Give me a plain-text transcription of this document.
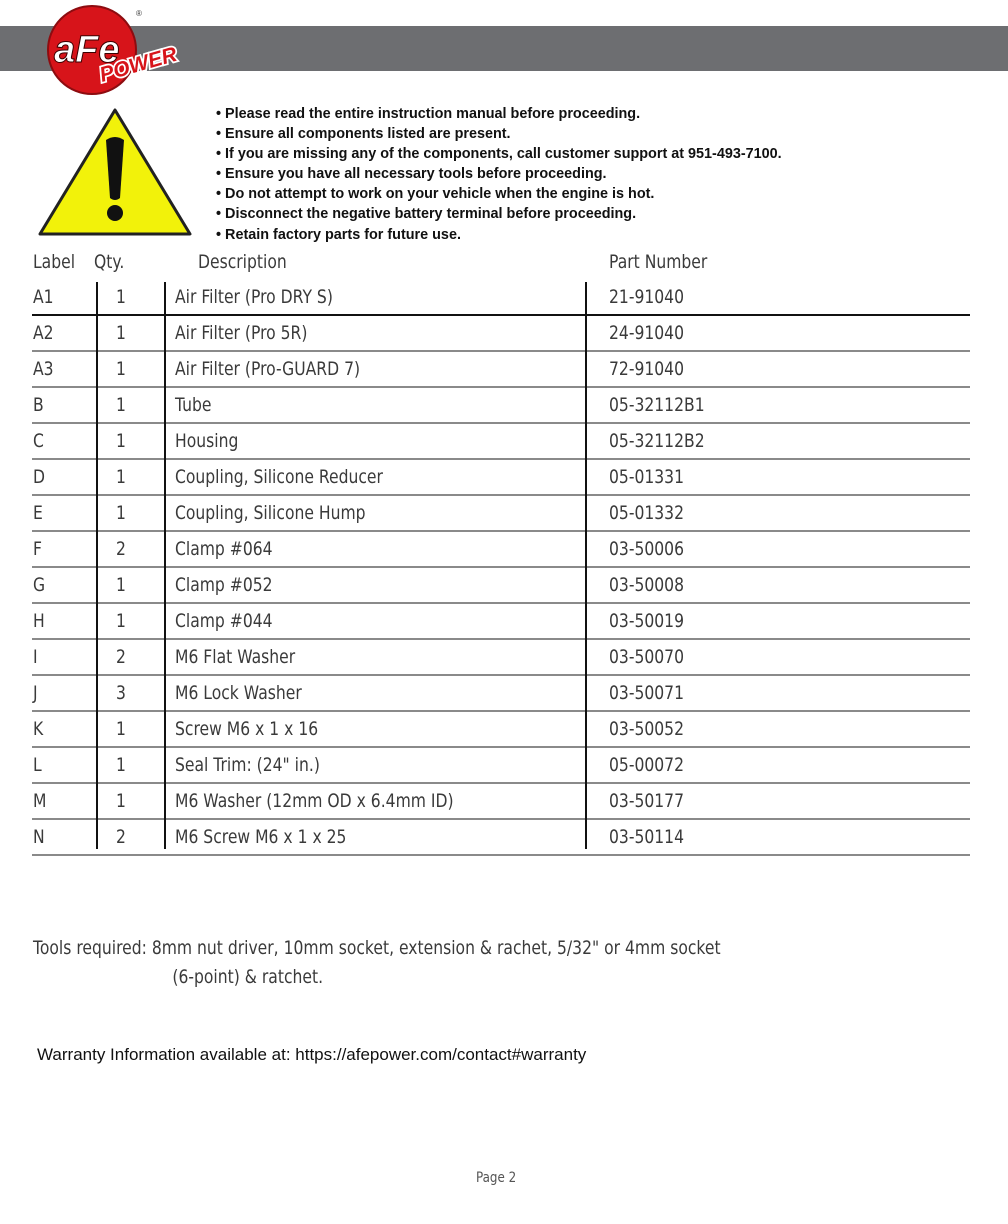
aFe
®
POWER
• Please read the entire instruction manual before proceeding.
• Ensure all components listed are present.
• If you are missing any of the components, call customer support at 951-493-7100.
• Ensure you have all necessary tools before proceeding.
• Do not attempt to work on your vehicle when the engine is hot.
• Disconnect the negative battery terminal before proceeding.
• Retain factory parts for future use.
Label Qty.	Description	Part Number
A1	1	Air Filter (Pro DRY S)	21-91040
A2	1	Air Filter (Pro 5R)	24-91040
A3	1	Air Filter (Pro-GUARD 7)	72-91040
B	1	Tube	05-32112B1
C	1	Housing	05-32112B2
D	1	Coupling, Silicone Reducer	05-01331
E	1	Coupling, Silicone Hump	05-01332
F	2	Clamp #064	03-50006
G	1	Clamp #052	03-50008
H	1	Clamp #044	03-50019
I	2	M6 Flat Washer	03-50070
J	3	M6 Lock Washer	03-50071
K	1	Screw M6 x 1 x 16	03-50052
L	1	Seal Trim: (24" in.)	05-00072
M	1	M6 Washer (12mm OD x 6.4mm ID)	03-50177
N	2	M6 Screw M6 x 1 x 25	03-50114
Tools required: 8mm nut driver, 10mm socket, extension & rachet, 5/32" or 4mm socket
(6-point) & ratchet.
Warranty Information available at: https://afepower.com/contact#warranty
Page 2
